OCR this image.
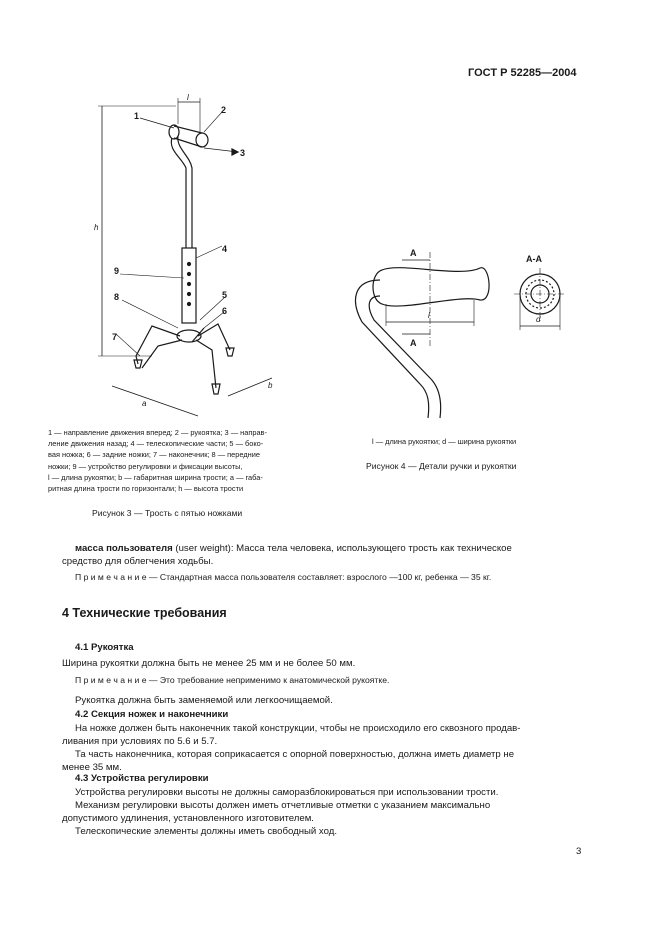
ГОСТ Р 52285—2004
1
2
3
4
5
6
7
8
9
h
l
a
b
1 — направление движения вперед; 2 — рукоятка; 3 — направ-
ление движения назад; 4 — телескопические части; 5 — боко-
вая ножка; 6 — задние ножки; 7 — наконечник; 8 — передние
ножки; 9 — устройство регулировки и фиксации высоты,
l — длина рукоятки; b — габаритная ширина трости; a — габа-
ритная длина трости по горизонтали; h — высота трости
Рисунок 3 — Трость с пятью ножками
A
A
A-A
l	d
l — длина рукоятки; d — ширина рукоятки
Рисунок 4 — Детали ручки и рукоятки
масса пользователя (user weight): Масса тела человека, использующего трость как техническое
средство для облегчения ходьбы.
П р и м е ч а н и е — Стандартная масса пользователя составляет: взрослого —100 кг, ребенка — 35 кг.
4 Технические требования
4.1 Рукоятка
Ширина рукоятки должна быть не менее 25 мм и не более 50 мм.
П р и м е ч а н и е — Это требование неприменимо к анатомической рукоятке.
Рукоятка должна быть заменяемой или легкоочищаемой.
4.2 Секция ножек и наконечники
На ножке должен быть наконечник такой конструкции, чтобы не происходило его сквозного продав-
ливания при условиях по 5.6 и 5.7.
Та часть наконечника, которая соприкасается с опорной поверхностью, должна иметь диаметр не
менее 35 мм.
4.3 Устройства регулировки
Устройства регулировки высоты не должны саморазблокироваться при использовании трости.
Механизм регулировки высоты должен иметь отчетливые отметки с указанием максимально
допустимого удлинения, установленного изготовителем.
Телескопические элементы должны иметь свободный ход.
3
